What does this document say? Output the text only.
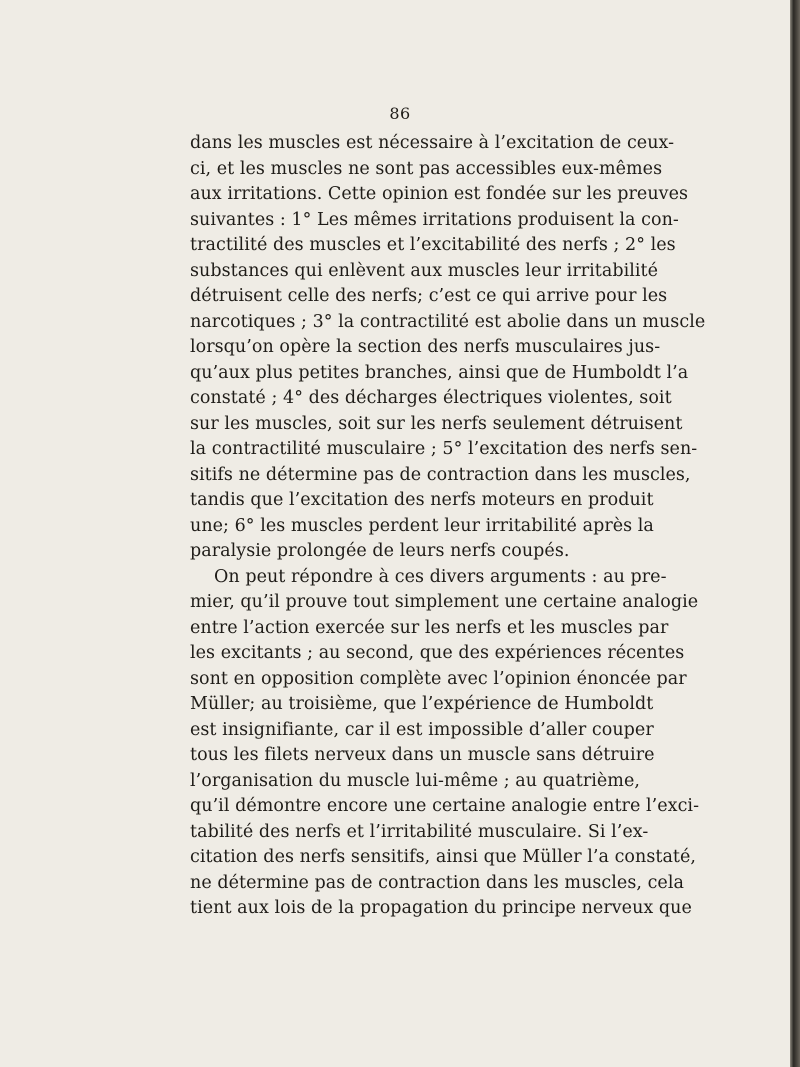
86
dans les muscles est nécessaire à l’excitation de ceux-
ci, et les muscles ne sont pas accessibles eux-mêmes
aux irritations. Cette opinion est fondée sur les preuves
suivantes : 1° Les mêmes irritations produisent la con-
tractilité des muscles et l’excitabilité des nerfs ; 2° les
substances qui enlèvent aux muscles leur irritabilité
détruisent celle des nerfs; c’est ce qui arrive pour les
narcotiques ; 3° la contractilité est abolie dans un muscle
lorsqu’on opère la section des nerfs musculaires jus-
qu’aux plus petites branches, ainsi que de Humboldt l’a
constaté ; 4° des décharges électriques violentes, soit
sur les muscles, soit sur les nerfs seulement détruisent
la contractilité musculaire ; 5° l’excitation des nerfs sen-
sitifs ne détermine pas de contraction dans les muscles,
tandis que l’excitation des nerfs moteurs en produit
une; 6° les muscles perdent leur irritabilité après la
paralysie prolongée de leurs nerfs coupés.
On peut répondre à ces divers arguments : au pre-
mier, qu’il prouve tout simplement une certaine analogie
entre l’action exercée sur les nerfs et les muscles par
les excitants ; au second, que des expériences récentes
sont en opposition complète avec l’opinion énoncée par
Müller; au troisième, que l’expérience de Humboldt
est insignifiante, car il est impossible d’aller couper
tous les filets nerveux dans un muscle sans détruire
l’organisation du muscle lui-même ; au quatrième,
qu’il démontre encore une certaine analogie entre l’exci-
tabilité des nerfs et l’irritabilité musculaire. Si l’ex-
citation des nerfs sensitifs, ainsi que Müller l’a constaté,
ne détermine pas de contraction dans les muscles, cela
tient aux lois de la propagation du principe nerveux que
